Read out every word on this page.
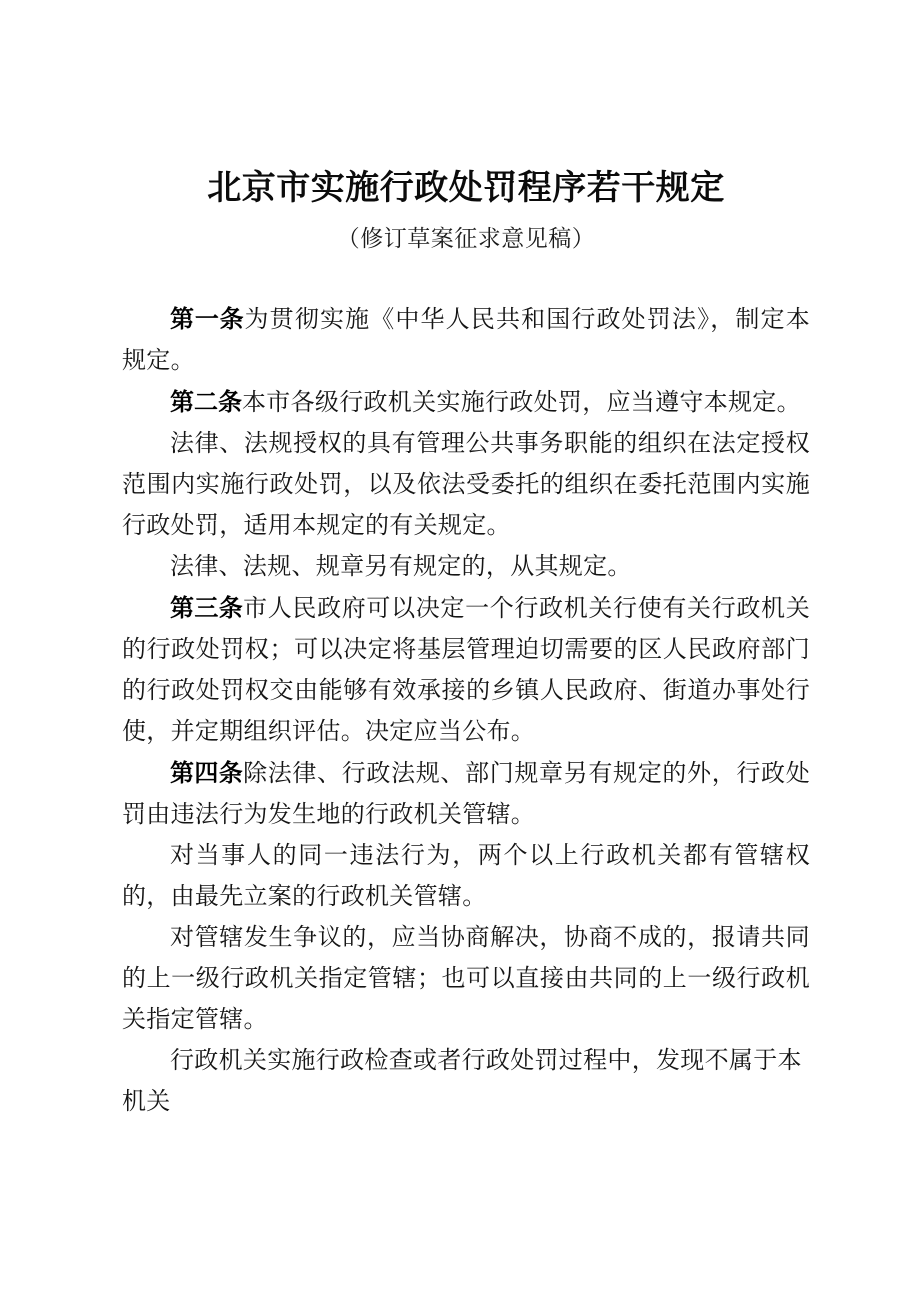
北京市实施行政处罚程序若干规定
（修订草案征求意见稿）

第一条为贯彻实施《中华人民共和国行政处罚法》，制定本规定。

第二条本市各级行政机关实施行政处罚，应当遵守本规定。

法律、法规授权的具有管理公共事务职能的组织在法定授权范围内实施行政处罚，以及依法受委托的组织在委托范围内实施行政处罚，适用本规定的有关规定。

法律、法规、规章另有规定的，从其规定。

第三条市人民政府可以决定一个行政机关行使有关行政机关的行政处罚权；可以决定将基层管理迫切需要的区人民政府部门的行政处罚权交由能够有效承接的乡镇人民政府、街道办事处行使，并定期组织评估。决定应当公布。

第四条除法律、行政法规、部门规章另有规定的外，行政处罚由违法行为发生地的行政机关管辖。

对当事人的同一违法行为，两个以上行政机关都有管辖权的，由最先立案的行政机关管辖。

对管辖发生争议的，应当协商解决，协商不成的，报请共同的上一级行政机关指定管辖；也可以直接由共同的上一级行政机关指定管辖。

行政机关实施行政检查或者行政处罚过程中，发现不属于本机关
